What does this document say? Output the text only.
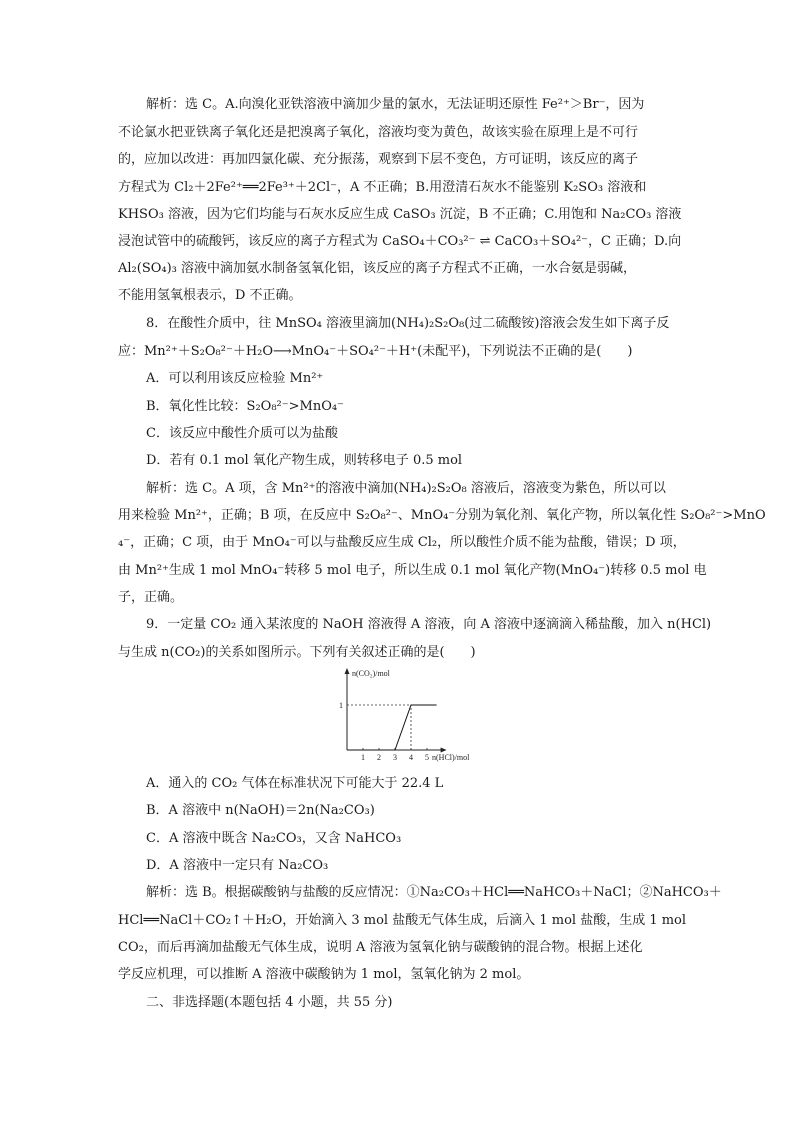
解析：选 C。A.向溴化亚铁溶液中滴加少量的氯水，无法证明还原性 Fe²⁺＞Br⁻，因为
不论氯水把亚铁离子氧化还是把溴离子氧化，溶液均变为黄色，故该实验在原理上是不可行
的，应加以改进：再加四氯化碳、充分振荡，观察到下层不变色，方可证明，该反应的离子
方程式为 Cl₂＋2Fe²⁺══2Fe³⁺＋2Cl⁻，A 不正确；B.用澄清石灰水不能鉴别 K₂SO₃ 溶液和
KHSO₃ 溶液，因为它们均能与石灰水反应生成 CaSO₃ 沉淀，B 不正确；C.用饱和 Na₂CO₃ 溶液
浸泡试管中的硫酸钙，该反应的离子方程式为 CaSO₄＋CO₃²⁻ ⇌ CaCO₃＋SO₄²⁻，C 正确；D.向
Al₂(SO₄)₃ 溶液中滴加氨水制备氢氧化铝，该反应的离子方程式不正确，一水合氨是弱碱，
不能用氢氧根表示，D 不正确。
8．在酸性介质中，往 MnSO₄ 溶液里滴加(NH₄)₂S₂O₈(过二硫酸铵)溶液会发生如下离子反
应：Mn²⁺＋S₂O₈²⁻＋H₂O⟶MnO₄⁻＋SO₄²⁻＋H⁺(未配平)，下列说法不正确的是(　　)
A．可以利用该反应检验 Mn²⁺
B．氧化性比较：S₂O₈²⁻>MnO₄⁻
C．该反应中酸性介质可以为盐酸
D．若有 0.1 mol 氧化产物生成，则转移电子 0.5 mol
解析：选 C。A 项，含 Mn²⁺的溶液中滴加(NH₄)₂S₂O₈ 溶液后，溶液变为紫色，所以可以
用来检验 Mn²⁺，正确；B 项，在反应中 S₂O₈²⁻、MnO₄⁻分别为氧化剂、氧化产物，所以氧化性 S₂O₈²⁻>MnO
₄⁻，正确；C 项，由于 MnO₄⁻可以与盐酸反应生成 Cl₂，所以酸性介质不能为盐酸，错误；D 项，
由 Mn²⁺生成 1 mol MnO₄⁻转移 5 mol 电子，所以生成 0.1 mol 氧化产物(MnO₄⁻)转移 0.5 mol 电
子，正确。
9．一定量 CO₂ 通入某浓度的 NaOH 溶液得 A 溶液，向 A 溶液中逐滴滴入稀盐酸，加入 n(HCl)
与生成 n(CO₂)的关系如图所示。下列有关叙述正确的是(　　)
n(CO₂)/mol
n(HCl)/mol
1 2 3 4 5
1
A．通入的 CO₂ 气体在标准状况下可能大于 22.4 L
B．A 溶液中 n(NaOH)＝2n(Na₂CO₃)
C．A 溶液中既含 Na₂CO₃，又含 NaHCO₃
D．A 溶液中一定只有 Na₂CO₃
解析：选 B。根据碳酸钠与盐酸的反应情况：①Na₂CO₃＋HCl══NaHCO₃＋NaCl；②NaHCO₃＋
HCl══NaCl＋CO₂↑＋H₂O，开始滴入 3 mol 盐酸无气体生成，后滴入 1 mol 盐酸，生成 1 mol
CO₂，而后再滴加盐酸无气体生成，说明 A 溶液为氢氧化钠与碳酸钠的混合物。根据上述化
学反应机理，可以推断 A 溶液中碳酸钠为 1 mol，氢氧化钠为 2 mol。
二、非选择题(本题包括 4 小题，共 55 分)
